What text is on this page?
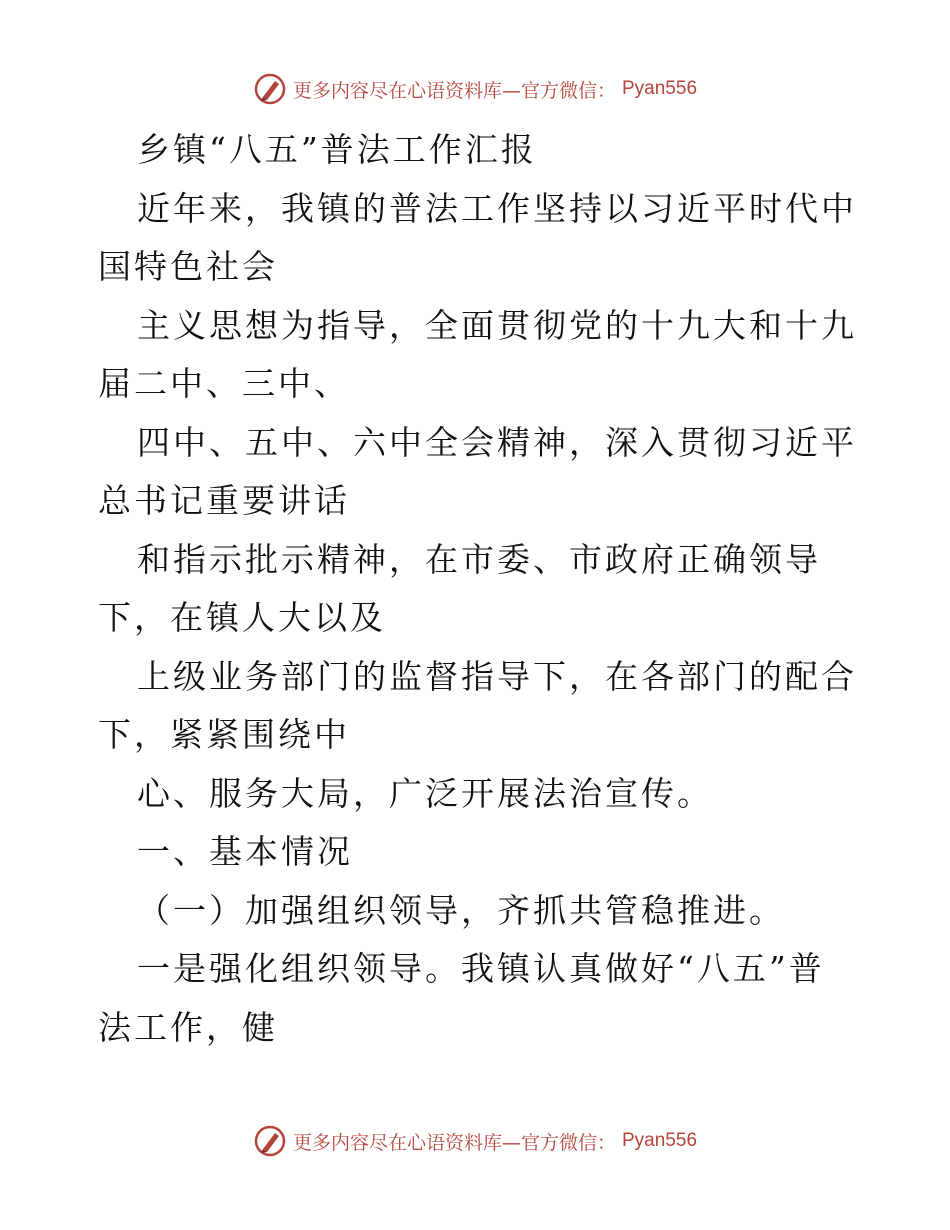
更多内容尽在心语资料库—官方微信： Pyan556

乡镇“八五”普法工作汇报

近年来，我镇的普法工作坚持以习近平时代中国特色社会

主义思想为指导，全面贯彻党的十九大和十九届二中、三中、

四中、五中、六中全会精神，深入贯彻习近平总书记重要讲话

和指示批示精神，在市委、市政府正确领导下，在镇人大以及

上级业务部门的监督指导下，在各部门的配合下，紧紧围绕中

心、服务大局，广泛开展法治宣传。

一、基本情况

（一）加强组织领导，齐抓共管稳推进。

一是强化组织领导。我镇认真做好“八五”普法工作，健

更多内容尽在心语资料库—官方微信： Pyan556
